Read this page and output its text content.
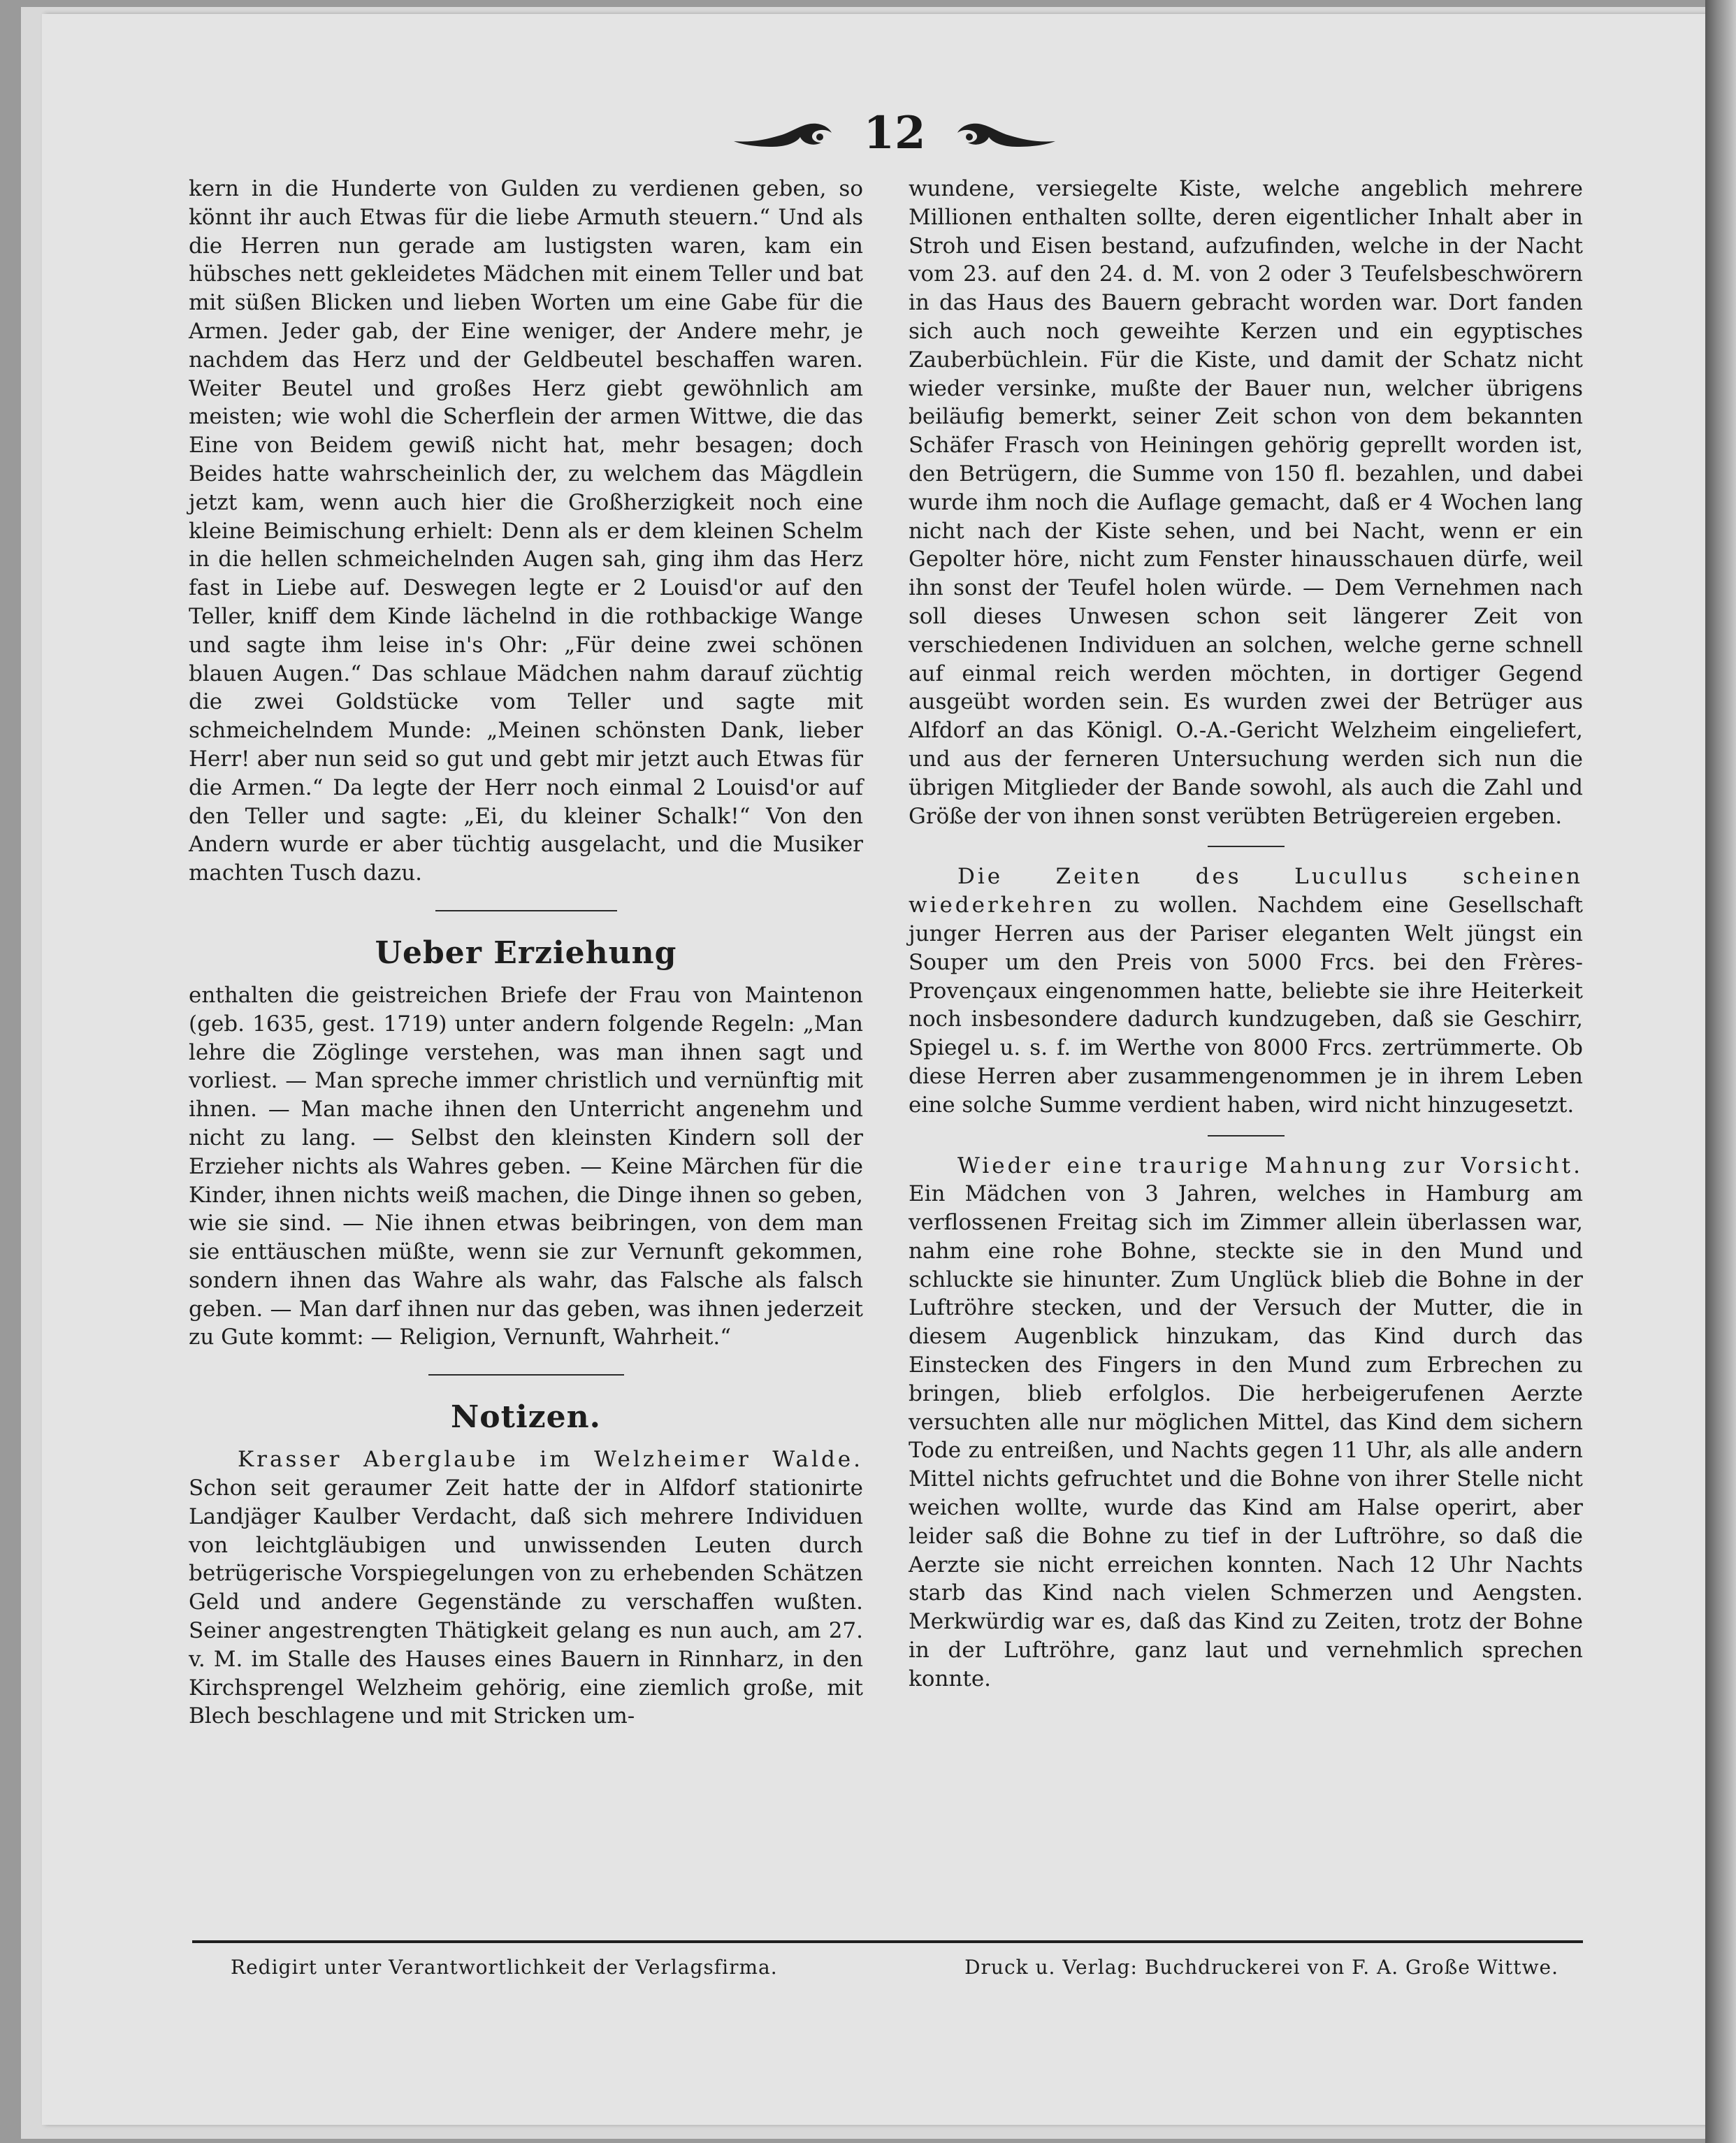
12

kern in die Hunderte von Gulden zu verdienen geben, so könnt ihr auch Etwas für die liebe Armuth steuern.“ Und als die Herren nun gerade am lustigsten waren, kam ein hübsches nett gekleidetes Mädchen mit einem Teller und bat mit süßen Blicken und lieben Worten um eine Gabe für die Armen. Jeder gab, der Eine weniger, der Andere mehr, je nachdem das Herz und der Geldbeutel beschaffen waren. Weiter Beutel und großes Herz giebt gewöhnlich am meisten; wie wohl die Scherflein der armen Wittwe, die das Eine von Beidem gewiß nicht hat, mehr besagen; doch Beides hatte wahrscheinlich der, zu welchem das Mägdlein jetzt kam, wenn auch hier die Großherzigkeit noch eine kleine Beimischung erhielt: Denn als er dem kleinen Schelm in die hellen schmeichelnden Augen sah, ging ihm das Herz fast in Liebe auf. Deswegen legte er 2 Louisd'or auf den Teller, kniff dem Kinde lächelnd in die rothbackige Wange und sagte ihm leise in's Ohr: „Für deine zwei schönen blauen Augen.“ Das schlaue Mädchen nahm darauf züchtig die zwei Goldstücke vom Teller und sagte mit schmeichelndem Munde: „Meinen schönsten Dank, lieber Herr! aber nun seid so gut und gebt mir jetzt auch Etwas für die Armen.“ Da legte der Herr noch einmal 2 Louisd'or auf den Teller und sagte: „Ei, du kleiner Schalk!“ Von den Andern wurde er aber tüchtig ausgelacht, und die Musiker machten Tusch dazu.

Ueber Erziehung

enthalten die geistreichen Briefe der Frau von Maintenon (geb. 1635, gest. 1719) unter andern folgende Regeln: „Man lehre die Zöglinge verstehen, was man ihnen sagt und vorliest. — Man spreche immer christlich und vernünftig mit ihnen. — Man mache ihnen den Unterricht angenehm und nicht zu lang. — Selbst den kleinsten Kindern soll der Erzieher nichts als Wahres geben. — Keine Märchen für die Kinder, ihnen nichts weiß machen, die Dinge ihnen so geben, wie sie sind. — Nie ihnen etwas beibringen, von dem man sie enttäuschen müßte, wenn sie zur Vernunft gekommen, sondern ihnen das Wahre als wahr, das Falsche als falsch geben. — Man darf ihnen nur das geben, was ihnen jederzeit zu Gute kommt: — Religion, Vernunft, Wahrheit.“

Notizen.

Krasser Aberglaube im Welzheimer Walde. Schon seit geraumer Zeit hatte der in Alfdorf stationirte Landjäger Kaulber Verdacht, daß sich mehrere Individuen von leichtgläubigen und unwissenden Leuten durch betrügerische Vorspiegelungen von zu erhebenden Schätzen Geld und andere Gegenstände zu verschaffen wußten. Seiner angestrengten Thätigkeit gelang es nun auch, am 27. v. M. im Stalle des Hauses eines Bauern in Rinnharz, in den Kirchsprengel Welzheim gehörig, eine ziemlich große, mit Blech beschlagene und mit Stricken um-

wundene, versiegelte Kiste, welche angeblich mehrere Millionen enthalten sollte, deren eigentlicher Inhalt aber in Stroh und Eisen bestand, aufzufinden, welche in der Nacht vom 23. auf den 24. d. M. von 2 oder 3 Teufelsbeschwörern in das Haus des Bauern gebracht worden war. Dort fanden sich auch noch geweihte Kerzen und ein egyptisches Zauberbüchlein. Für die Kiste, und damit der Schatz nicht wieder versinke, mußte der Bauer nun, welcher übrigens beiläufig bemerkt, seiner Zeit schon von dem bekannten Schäfer Frasch von Heiningen gehörig geprellt worden ist, den Betrügern, die Summe von 150 fl. bezahlen, und dabei wurde ihm noch die Auflage gemacht, daß er 4 Wochen lang nicht nach der Kiste sehen, und bei Nacht, wenn er ein Gepolter höre, nicht zum Fenster hinausschauen dürfe, weil ihn sonst der Teufel holen würde. — Dem Vernehmen nach soll dieses Unwesen schon seit längerer Zeit von verschiedenen Individuen an solchen, welche gerne schnell auf einmal reich werden möchten, in dortiger Gegend ausgeübt worden sein. Es wurden zwei der Betrüger aus Alfdorf an das Königl. O.-A.-Gericht Welzheim eingeliefert, und aus der ferneren Untersuchung werden sich nun die übrigen Mitglieder der Bande sowohl, als auch die Zahl und Größe der von ihnen sonst verübten Betrügereien ergeben.

Die Zeiten des Lucullus scheinen wiederkehren zu wollen. Nachdem eine Gesellschaft junger Herren aus der Pariser eleganten Welt jüngst ein Souper um den Preis von 5000 Frcs. bei den Frères-Provençaux eingenommen hatte, beliebte sie ihre Heiterkeit noch insbesondere dadurch kundzugeben, daß sie Geschirr, Spiegel u. s. f. im Werthe von 8000 Frcs. zertrümmerte. Ob diese Herren aber zusammengenommen je in ihrem Leben eine solche Summe verdient haben, wird nicht hinzugesetzt.

Wieder eine traurige Mahnung zur Vorsicht. Ein Mädchen von 3 Jahren, welches in Hamburg am verflossenen Freitag sich im Zimmer allein überlassen war, nahm eine rohe Bohne, steckte sie in den Mund und schluckte sie hinunter. Zum Unglück blieb die Bohne in der Luftröhre stecken, und der Versuch der Mutter, die in diesem Augenblick hinzukam, das Kind durch das Einstecken des Fingers in den Mund zum Erbrechen zu bringen, blieb erfolglos. Die herbeigerufenen Aerzte versuchten alle nur möglichen Mittel, das Kind dem sichern Tode zu entreißen, und Nachts gegen 11 Uhr, als alle andern Mittel nichts gefruchtet und die Bohne von ihrer Stelle nicht weichen wollte, wurde das Kind am Halse operirt, aber leider saß die Bohne zu tief in der Luftröhre, so daß die Aerzte sie nicht erreichen konnten. Nach 12 Uhr Nachts starb das Kind nach vielen Schmerzen und Aengsten. Merkwürdig war es, daß das Kind zu Zeiten, trotz der Bohne in der Luftröhre, ganz laut und vernehmlich sprechen konnte.

Redigirt unter Verantwortlichkeit der Verlagsfirma.	Druck u. Verlag: Buchdruckerei von F. A. Große Wittwe.
